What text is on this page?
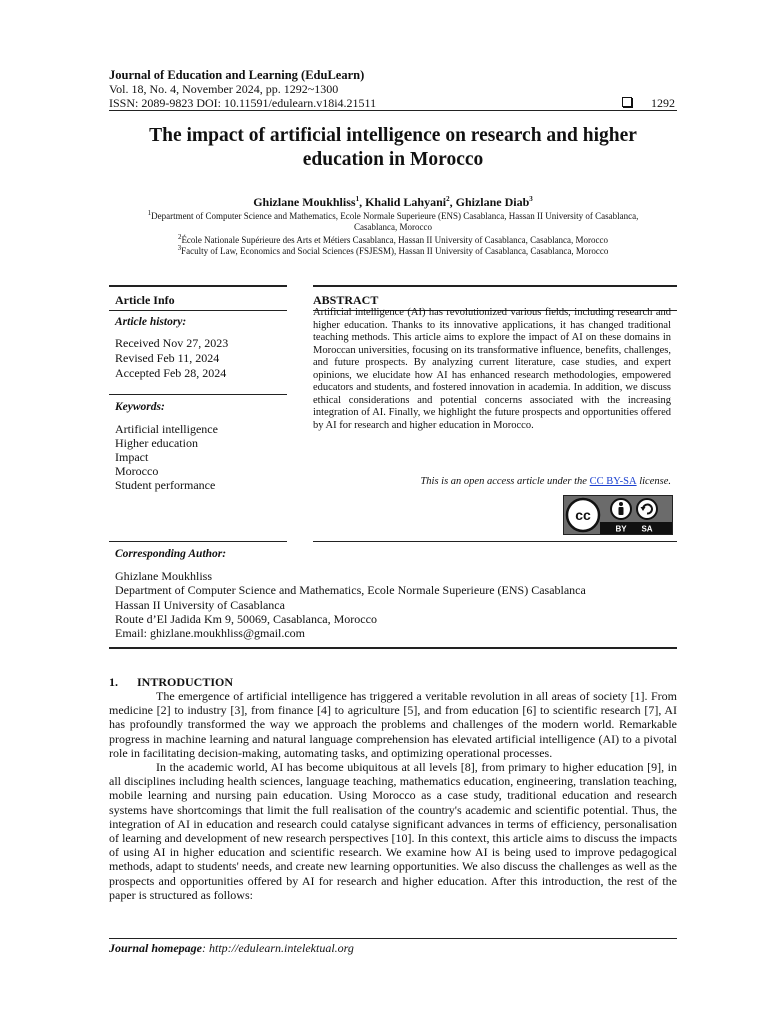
Journal of Education and Learning (EduLearn)
Vol. 18, No. 4, November 2024, pp. 1292~1300
ISSN: 2089-9823 DOI: 10.11591/edulearn.v18i4.21511	1292
The impact of artificial intelligence on research and higher
education in Morocco
Ghizlane Moukhliss$^1$, Khalid Lahyani$^2$, Ghizlane Diab$^3$
$^1$Department of Computer Science and Mathematics, Ecole Normale Superieure (ENS) Casablanca, Hassan II University of Casablanca,
Casablanca, Morocco
$^2$École Nationale Supérieure des Arts et Métiers Casablanca, Hassan II University of Casablanca, Casablanca, Morocco
$^3$Faculty of Law, Economics and Social Sciences (FSJESM), Hassan II University of Casablanca, Casablanca, Morocco
Article Info	ABSTRACT
Article history:
Received Nov 27, 2023
Revised Feb 11, 2024
Accepted Feb 28, 2024
Keywords:
Artificial intelligence
Higher education
Impact
Morocco
Student performance
Artificial intelligence (AI) has revolutionized various fields, including research and higher education. Thanks to its innovative applications, it has changed traditional teaching methods. This article aims to explore the impact of AI on these domains in Moroccan universities, focusing on its transformative influence, benefits, challenges, and future prospects. By analyzing current literature, case studies, and expert opinions, we elucidate how AI has enhanced research methodologies, empowered educators and students, and fostered innovation in academia. In addition, we discuss ethical considerations and potential concerns associated with the increasing integration of AI. Finally, we highlight the future prospects and opportunities offered by AI for research and higher education in Morocco.
This is an open access article under the CC BY-SA license.
cc
BY SA
Corresponding Author:
Ghizlane Moukhliss
Department of Computer Science and Mathematics, Ecole Normale Superieure (ENS) Casablanca
Hassan II University of Casablanca
Route d’El Jadida Km 9, 50069, Casablanca, Morocco
Email: ghizlane.moukhliss@gmail.com
1. INTRODUCTION

The emergence of artificial intelligence has triggered a veritable revolution in all areas of society [1]. From medicine [2] to industry [3], from finance [4] to agriculture [5], and from education [6] to scientific research [7], AI has profoundly transformed the way we approach the problems and challenges of the modern world. Remarkable progress in machine learning and natural language comprehension has elevated artificial intelligence (AI) to a pivotal role in facilitating decision-making, automating tasks, and optimizing operational processes.

In the academic world, AI has become ubiquitous at all levels [8], from primary to higher education [9], in all disciplines including health sciences, language teaching, mathematics education, engineering, translation teaching, mobile learning and nursing pain education. Using Morocco as a case study, traditional education and research systems have shortcomings that limit the full realisation of the country's academic and scientific potential. Thus, the integration of AI in education and research could catalyse significant advances in terms of efficiency, personalisation of learning and development of new research perspectives [10]. In this context, this article aims to discuss the impacts of using AI in higher education and scientific research. We examine how AI is being used to improve pedagogical methods, adapt to students' needs, and create new learning opportunities. We also discuss the challenges as well as the prospects and opportunities offered by AI for research and higher education. After this introduction, the rest of the paper is structured as follows:

Journal homepage: http://edulearn.intelektual.org
